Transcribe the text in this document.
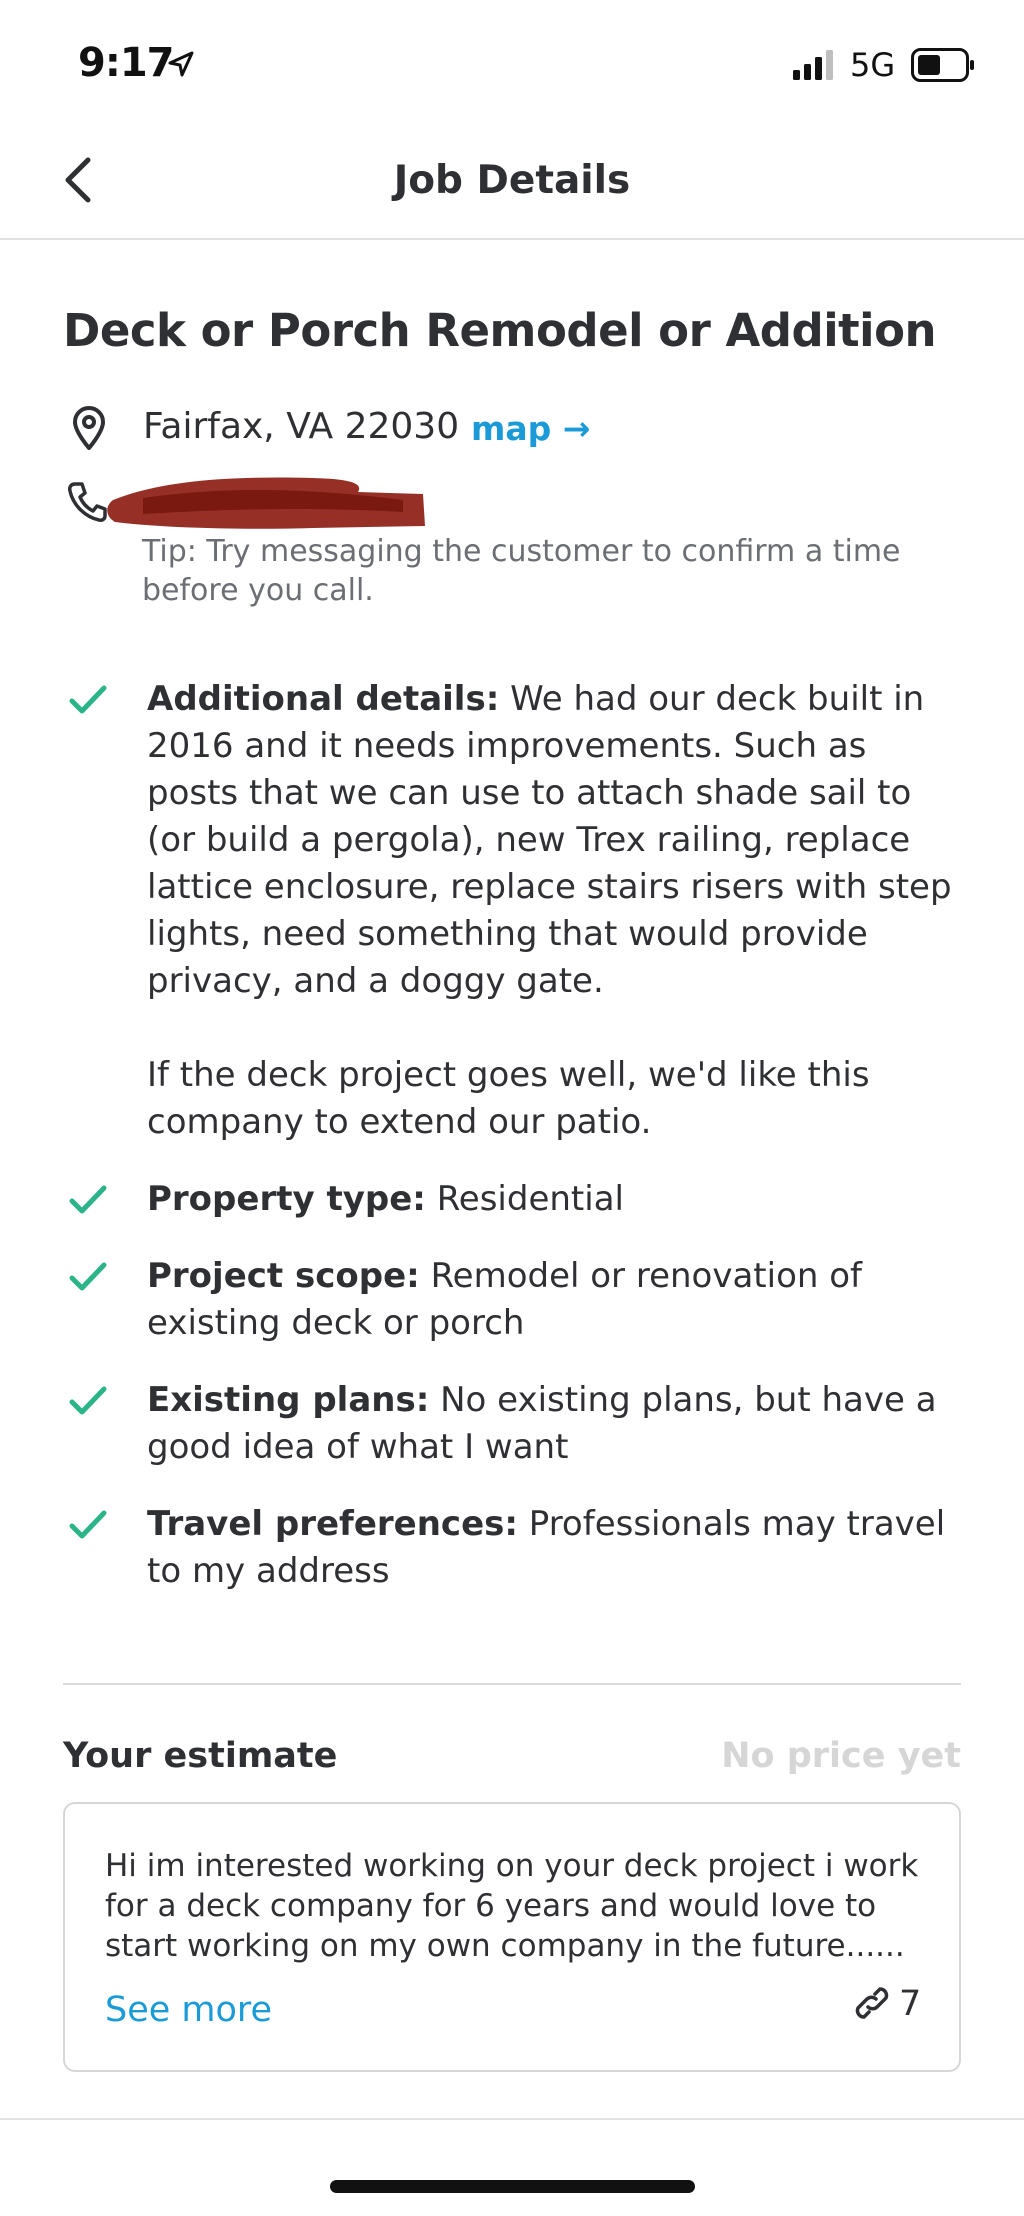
9:17	5G
Job Details
Deck or Porch Remodel or Addition
Fairfax, VA 22030 map →
Tip: Try messaging the customer to confirm a time before you call.
Additional details: We had our deck built in 2016 and it needs improvements. Such as posts that we can use to attach shade sail to (or build a pergola), new Trex railing, replace lattice enclosure, replace stairs risers with step lights, need something that would provide privacy, and a doggy gate.
If the deck project goes well, we'd like this company to extend our patio.
Property type: Residential
Project scope: Remodel or renovation of existing deck or porch
Existing plans: No existing plans, but have a good idea of what I want
Travel preferences: Professionals may travel to my address
Your estimate	No price yet
Hi im interested working on your deck project i work for a deck company for 6 years and would love to start working on my own company in the future......
See more	7
